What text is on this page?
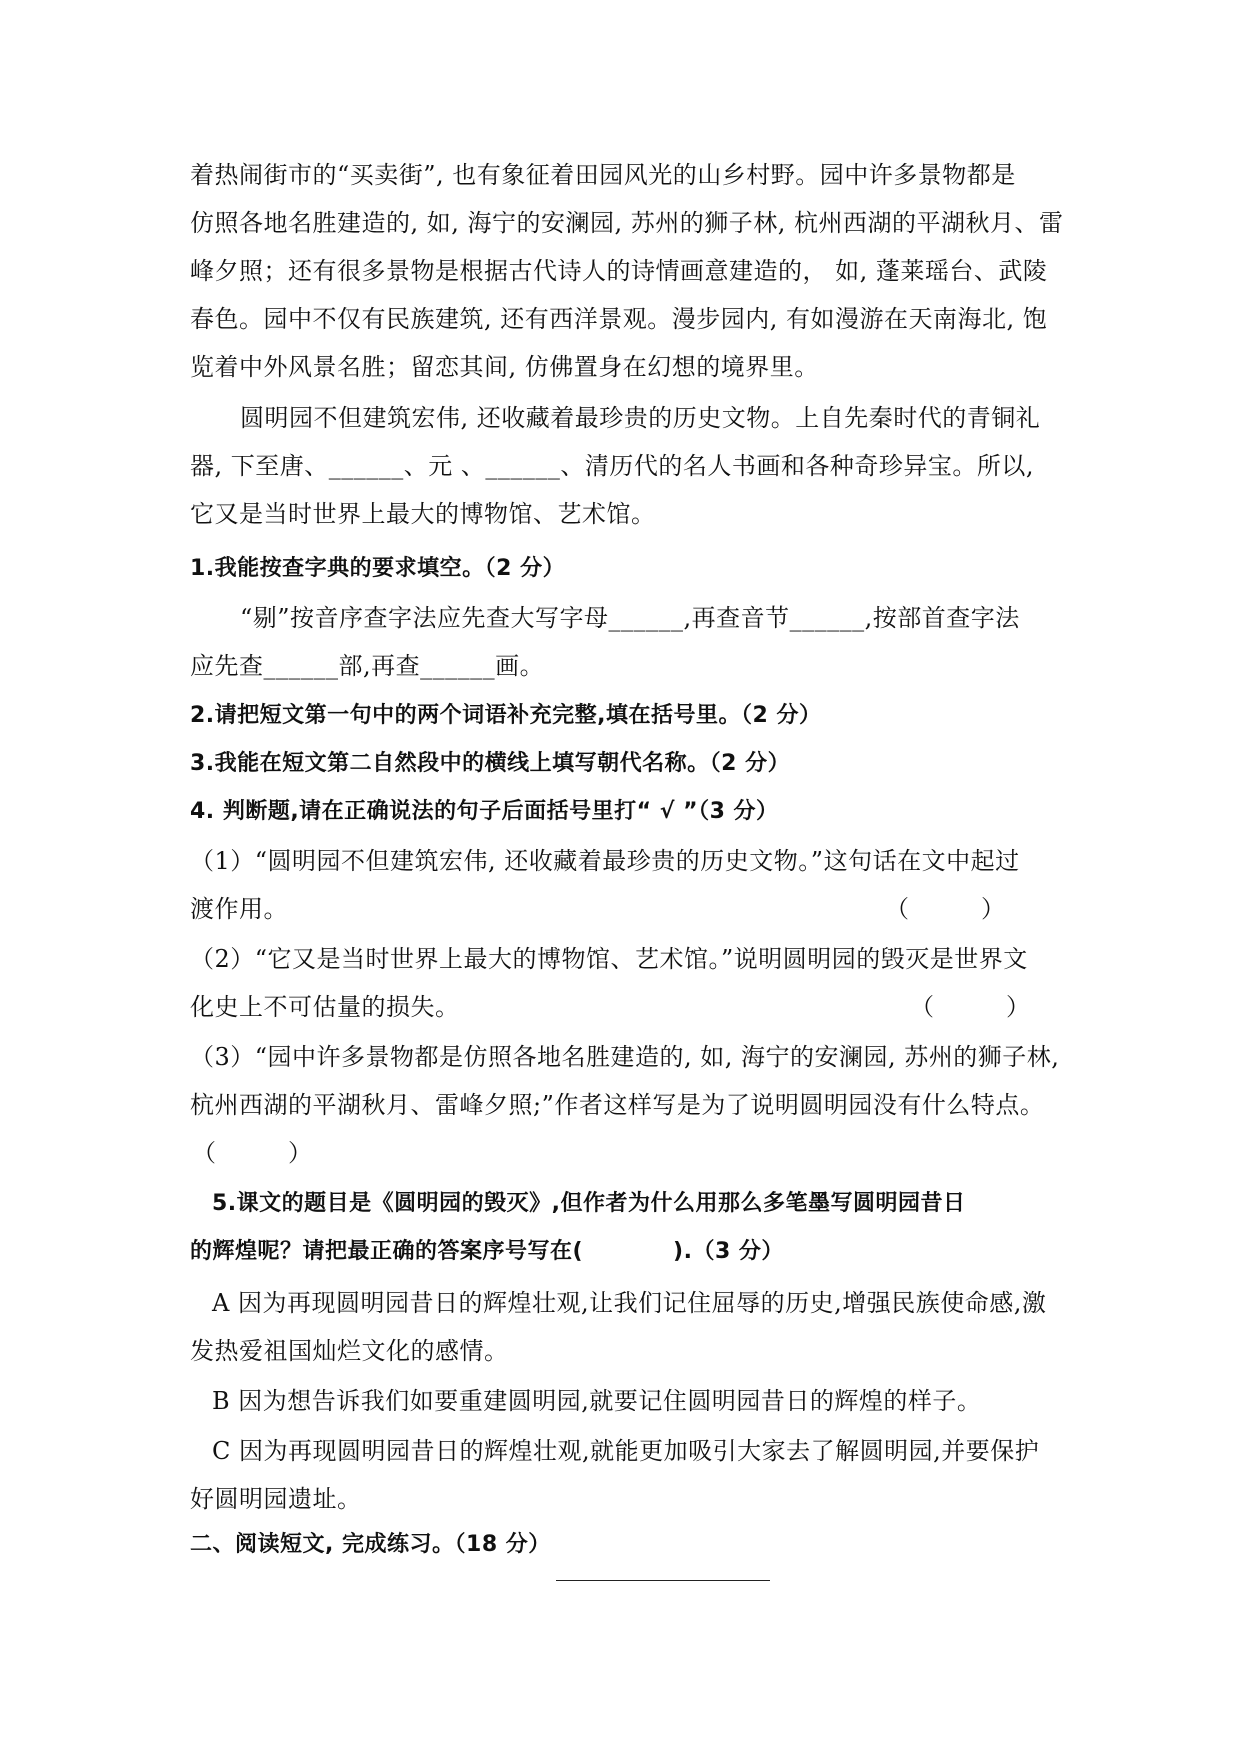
着热闹街市的“买卖街”, 也有象征着田园风光的山乡村野。园中许多景物都是
仿照各地名胜建造的, 如, 海宁的安澜园, 苏州的狮子林, 杭州西湖的平湖秋月、雷
峰夕照；还有很多景物是根据古代诗人的诗情画意建造的， 如, 蓬莱瑶台、武陵
春色。园中不仅有民族建筑, 还有西洋景观。漫步园内, 有如漫游在天南海北, 饱
览着中外风景名胜；留恋其间, 仿佛置身在幻想的境界里。
圆明园不但建筑宏伟, 还收藏着最珍贵的历史文物。上自先秦时代的青铜礼
器, 下至唐、______、元 、______、清历代的名人书画和各种奇珍异宝。所以,
它又是当时世界上最大的博物馆、艺术馆。
1.我能按查字典的要求填空。（2 分）
“剔”按音序查字法应先查大写字母______,再查音节______,按部首查字法
应先查______部,再查______画。
2.请把短文第一句中的两个词语补充完整,填在括号里。（2 分）
3.我能在短文第二自然段中的横线上填写朝代名称。（2 分）
4. 判断题,请在正确说法的句子后面括号里打“ √ ”（3 分）
（1）“圆明园不但建筑宏伟, 还收藏着最珍贵的历史文物。”这句话在文中起过
渡作用。	（　　　）
（2）“它又是当时世界上最大的博物馆、艺术馆。”说明圆明园的毁灭是世界文
化史上不可估量的损失。	（　　　）
（3）“园中许多景物都是仿照各地名胜建造的, 如, 海宁的安澜园, 苏州的狮子林,
杭州西湖的平湖秋月、雷峰夕照;”作者这样写是为了说明圆明园没有什么特点。
（　　　）
5.课文的题目是《圆明园的毁灭》,但作者为什么用那么多笔墨写圆明园昔日
的辉煌呢？请把最正确的答案序号写在(　　　　).（3 分）
A 因为再现圆明园昔日的辉煌壮观,让我们记住屈辱的历史,增强民族使命感,激
发热爱祖国灿烂文化的感情。
B 因为想告诉我们如要重建圆明园,就要记住圆明园昔日的辉煌的样子。
C 因为再现圆明园昔日的辉煌壮观,就能更加吸引大家去了解圆明园,并要保护
好圆明园遗址。
二、阅读短文, 完成练习。（18 分）
